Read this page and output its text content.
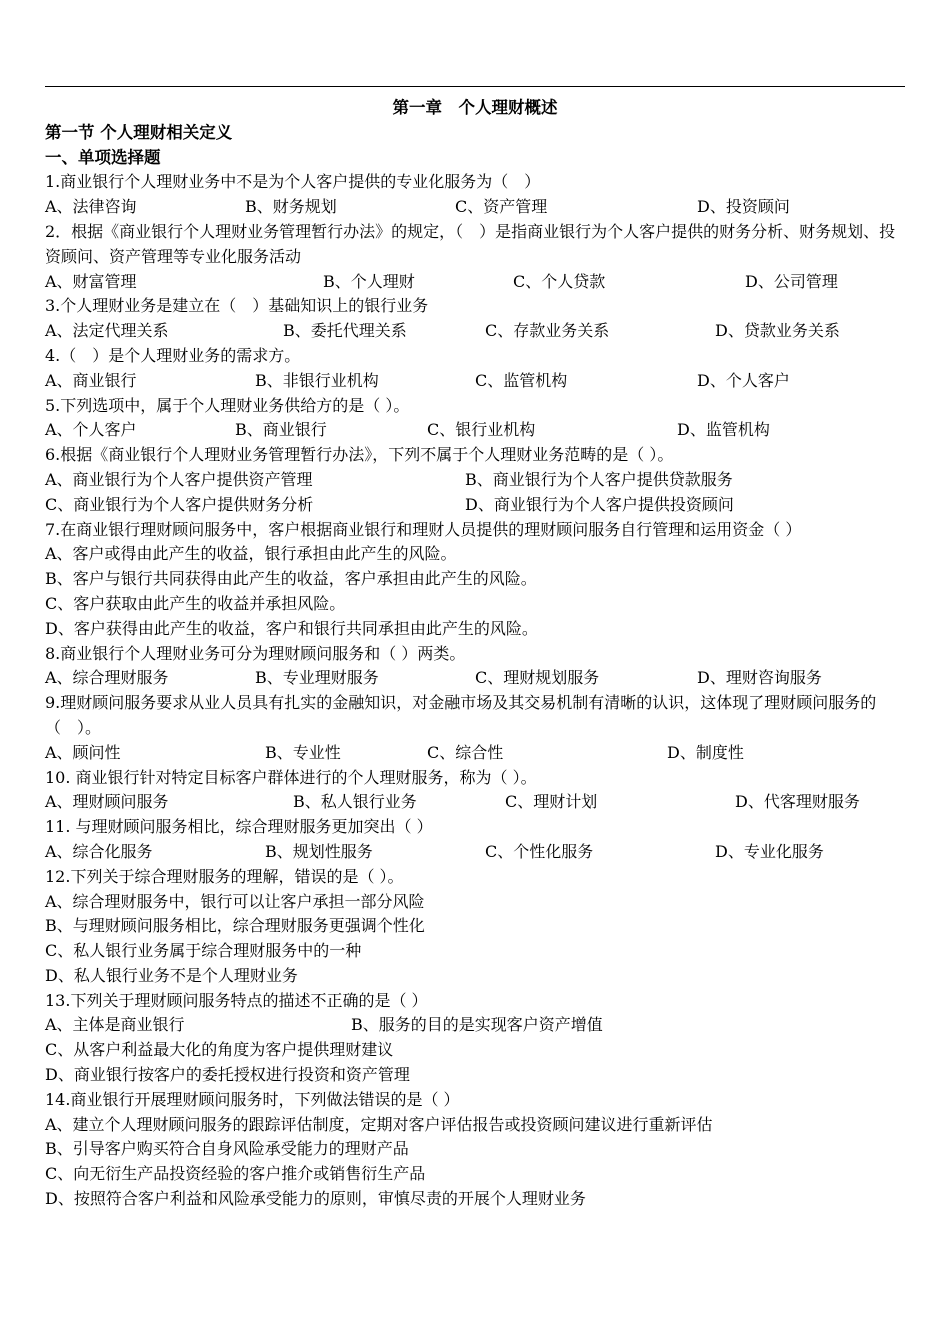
第一章　个人理财概述
第一节 个人理财相关定义
一、单项选择题
1.商业银行个人理财业务中不是为个人客户提供的专业化服务为（　）
A、法律咨询	B、财务规划	C、资产管理	D、投资顾问
2．根据《商业银行个人理财业务管理暂行办法》的规定，（　）是指商业银行为个人客户提供的财务分析、财务规划、投资顾问、资产管理等专业化服务活动
A、财富管理	B、个人理财	C、个人贷款	D、公司管理
3.个人理财业务是建立在（　）基础知识上的银行业务
A、法定代理关系	B、委托代理关系	C、存款业务关系	D、贷款业务关系
4.（　）是个人理财业务的需求方。
A、商业银行	B、非银行业机构	C、监管机构	D、个人客户
5.下列选项中，属于个人理财业务供给方的是（ ）。
A、个人客户	B、商业银行	C、银行业机构	D、监管机构
6.根据《商业银行个人理财业务管理暂行办法》，下列不属于个人理财业务范畴的是（ ）。
A、商业银行为个人客户提供资产管理	B、商业银行为个人客户提供贷款服务
C、商业银行为个人客户提供财务分析	D、商业银行为个人客户提供投资顾问
7.在商业银行理财顾问服务中，客户根据商业银行和理财人员提供的理财顾问服务自行管理和运用资金（ ）
A、客户或得由此产生的收益，银行承担由此产生的风险。
B、客户与银行共同获得由此产生的收益，客户承担由此产生的风险。
C、客户获取由此产生的收益并承担风险。
D、客户获得由此产生的收益，客户和银行共同承担由此产生的风险。
8.商业银行个人理财业务可分为理财顾问服务和（ ）两类。
A、综合理财服务	B、专业理财服务	C、理财规划服务	D、理财咨询服务
9.理财顾问服务要求从业人员具有扎实的金融知识，对金融市场及其交易机制有清晰的认识，这体现了理财顾问服务的（　）。
A、顾问性	B、专业性	C、综合性	D、制度性
10. 商业银行针对特定目标客户群体进行的个人理财服务，称为（ ）。
A、理财顾问服务	B、私人银行业务	C、理财计划	D、代客理财服务
11. 与理财顾问服务相比，综合理财服务更加突出（ ）
A、综合化服务	B、规划性服务	C、个性化服务	D、专业化服务
12.下列关于综合理财服务的理解，错误的是（ ）。
A、综合理财服务中，银行可以让客户承担一部分风险
B、与理财顾问服务相比，综合理财服务更强调个性化
C、私人银行业务属于综合理财服务中的一种
D、私人银行业务不是个人理财业务
13.下列关于理财顾问服务特点的描述不正确的是（ ）
A、主体是商业银行	B、服务的目的是实现客户资产增值
C、从客户利益最大化的角度为客户提供理财建议
D、商业银行按客户的委托授权进行投资和资产管理
14.商业银行开展理财顾问服务时，下列做法错误的是（ ）
A、建立个人理财顾问服务的跟踪评估制度，定期对客户评估报告或投资顾问建议进行重新评估
B、引导客户购买符合自身风险承受能力的理财产品
C、向无衍生产品投资经验的客户推介或销售衍生产品
D、按照符合客户利益和风险承受能力的原则，审慎尽责的开展个人理财业务
